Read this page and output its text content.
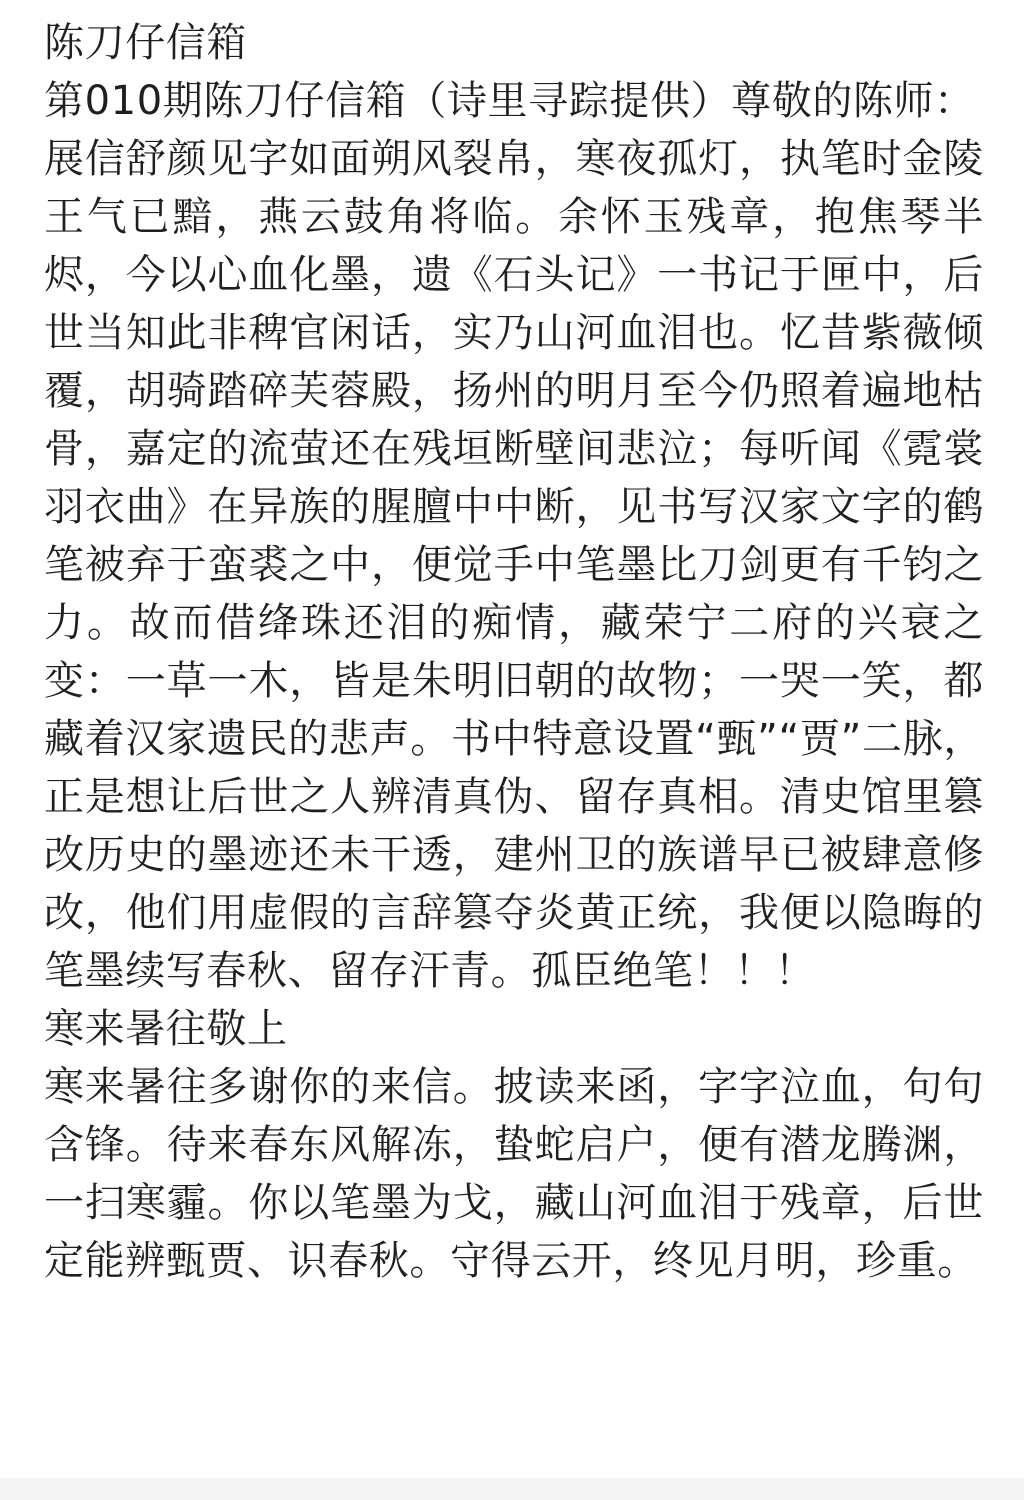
陈刀仔信箱

第010期陈刀仔信箱（诗里寻踪提供）尊敬的陈师：

展信舒颜见字如面朔风裂帛，寒夜孤灯，执笔时金陵王气已黯，燕云鼓角将临。余怀玉残章，抱焦琴半烬，今以心血化墨，遗《石头记》一书记于匣中，后世当知此非稗官闲话，实乃山河血泪也。忆昔紫薇倾覆，胡骑踏碎芙蓉殿，扬州的明月至今仍照着遍地枯骨，嘉定的流萤还在残垣断壁间悲泣；每听闻《霓裳羽衣曲》在异族的腥膻中中断，见书写汉家文字的鹤笔被弃于蛮裘之中，便觉手中笔墨比刀剑更有千钧之力。故而借绛珠还泪的痴情，藏荣宁二府的兴衰之变：一草一木，皆是朱明旧朝的故物；一哭一笑，都藏着汉家遗民的悲声。书中特意设置“甄”“贾”二脉，正是想让后世之人辨清真伪、留存真相。清史馆里篡改历史的墨迹还未干透，建州卫的族谱早已被肆意修改，他们用虚假的言辞篡夺炎黄正统，我便以隐晦的笔墨续写春秋、留存汗青。孤臣绝笔！！！

寒来暑往敬上

寒来暑往多谢你的来信。披读来函，字字泣血，句句含锋。待来春东风解冻，蛰蛇启户，便有潜龙腾渊，一扫寒霾。你以笔墨为戈，藏山河血泪于残章，后世定能辨甄贾、识春秋。守得云开，终见月明，珍重。
